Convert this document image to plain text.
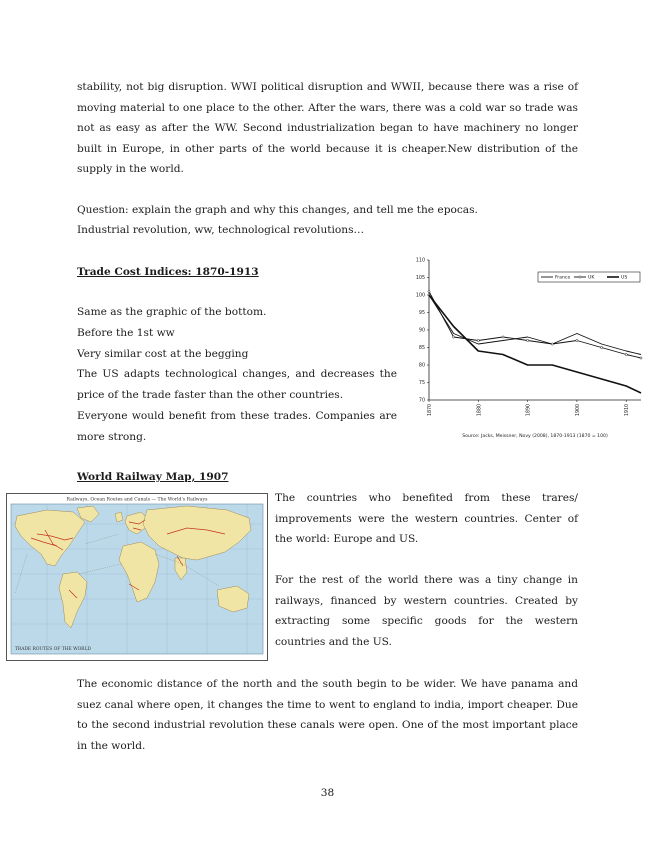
stability, not big disruption. WWI political disruption and WWII, because there was a rise of moving material to one place to the other. After the wars, there was a cold war so trade was not as easy as after the WW. Second industrialization began to have machinery no longer built in Europe, in other parts of the world because it is cheaper.New distribution of the supply in the world.

Question: explain the graph and why this changes, and tell me the epocas.

Industrial revolution, ww, technological revolutions…

Trade Cost Indices: 1870-1913

Same as the graphic of the bottom.

Before the 1st ww

Very similar cost at the begging

The US adapts technological changes, and decreases the price of the trade faster than the other countries.

Everyone would benefit from these trades. Companies are more strong.

70
75
80
85
90
95
100
105
110
1870	1880	1890	1900	1910
France	UK	US
Source: Jacks, Meissner, Novy (2008), 1870-1913 (1870 = 100)

World Railway Map, 1907

Railways, Ocean Routes and Canals — The World's Railways
TRADE ROUTES OF THE WORLD

The countries who benefited from these trares/ improvements were the western countries. Center of the world: Europe and US.

For the rest of the world there was a tiny change in railways, financed by western countries. Created by extracting some specific goods for the western countries and the US.

The economic distance of the north and the south begin to be wider. We have panama and suez canal where open, it changes the time to went to england to india, import cheaper. Due to the second industrial revolution these canals were open. One of the most important place in the world.

38
